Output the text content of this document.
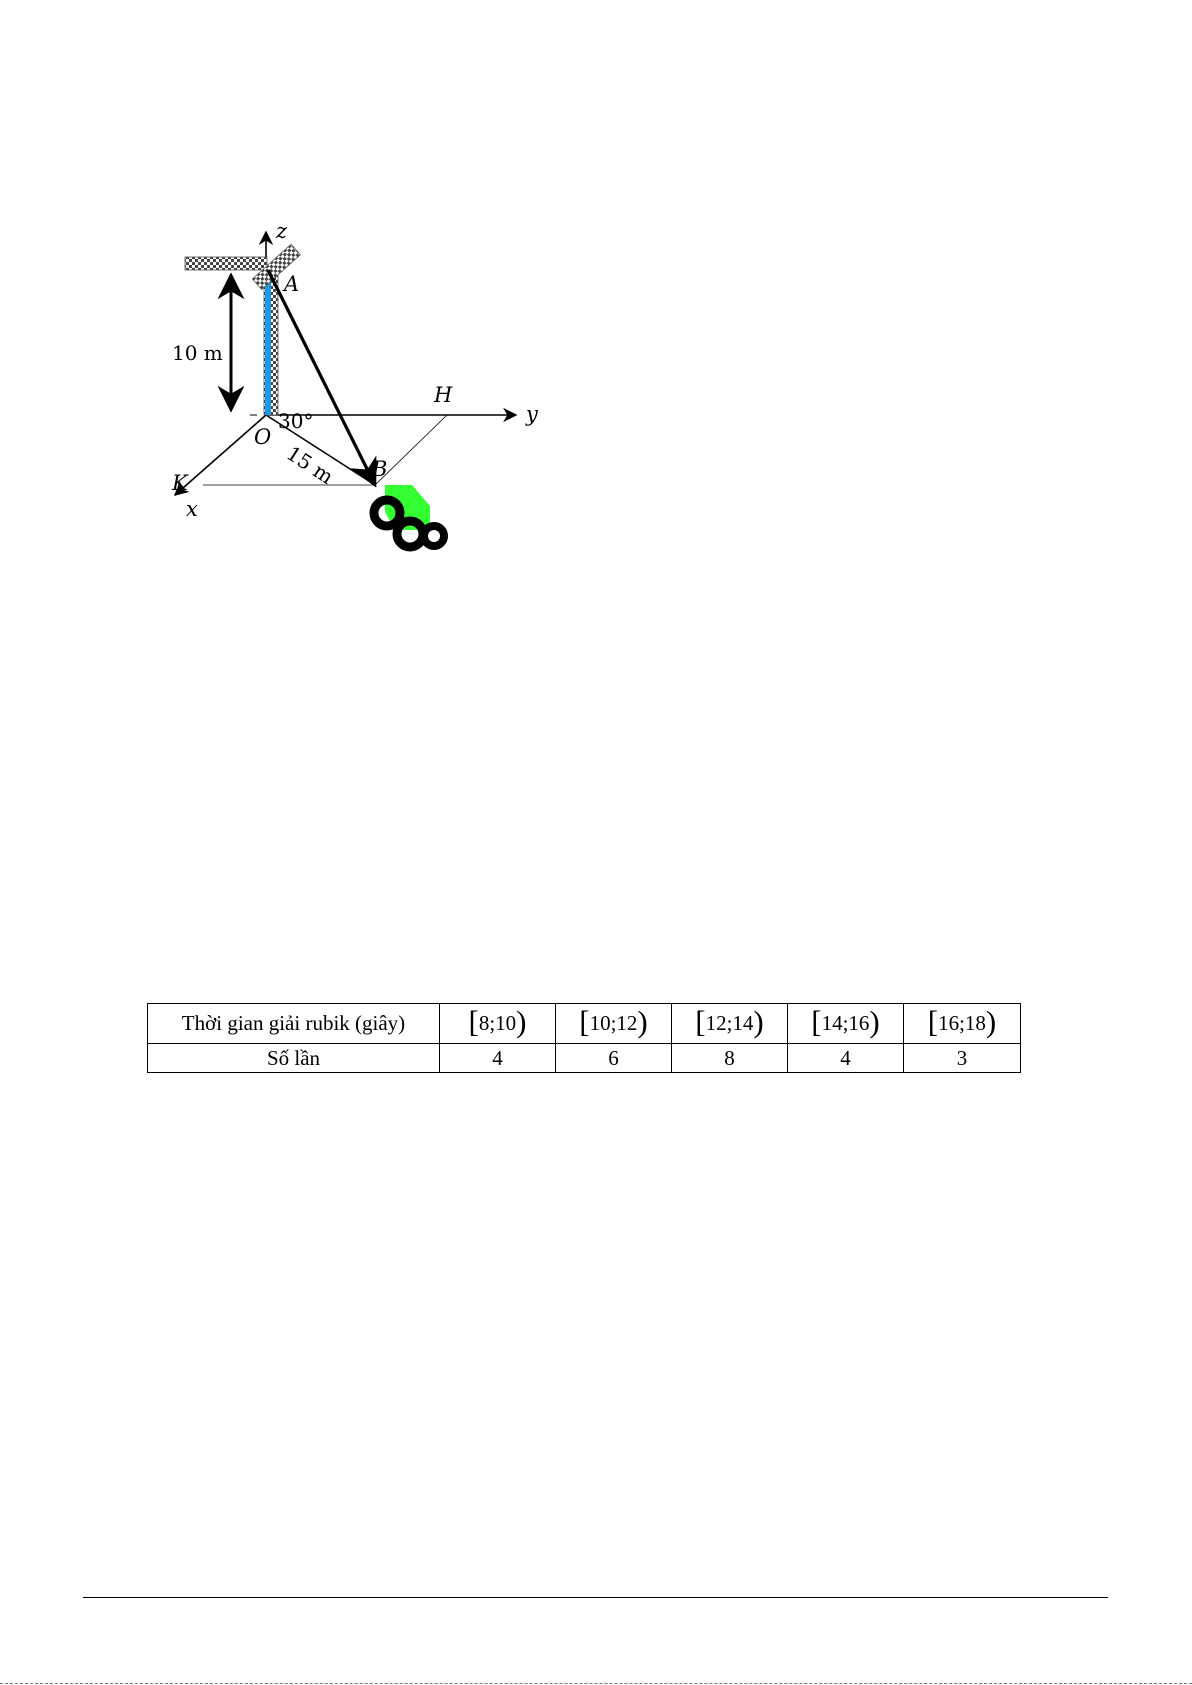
z
A
10 m
H
y
O
30°
15 m B
K
x
Thời gian giải rubik (giây)	[8;10)	[10;12)	[12;14)	[14;16)	[16;18)
Số lần	4	6	8	4	3
